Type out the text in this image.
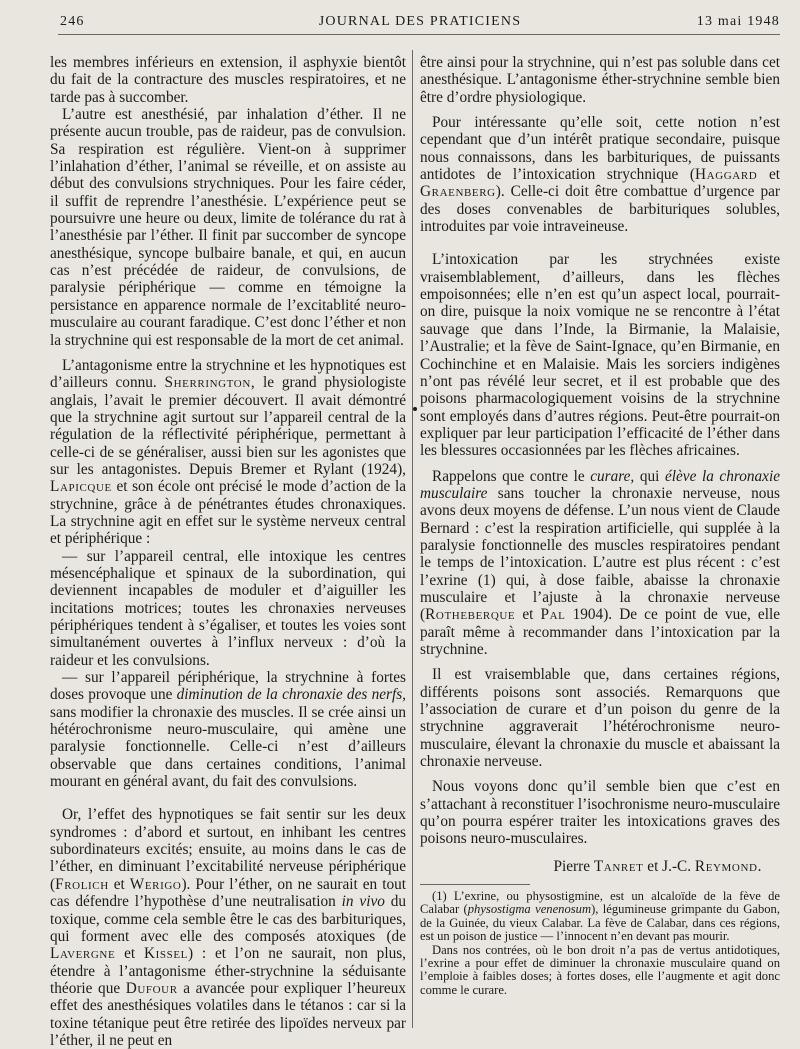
246	JOURNAL DES PRATICIENS	13 mai 1948

les membres inférieurs en extension, il asphyxie bientôt du fait de la contracture des muscles respiratoires, et ne tarde pas à succomber.

L’autre est anesthésié, par inhalation d’éther. Il ne présente aucun trouble, pas de raideur, pas de convulsion. Sa respiration est régulière. Vient-on à supprimer l’inlahation d’éther, l’animal se réveille, et on assiste au début des convulsions strychniques. Pour les faire céder, il suffit de reprendre l’anesthésie. L’expérience peut se poursuivre une heure ou deux, limite de tolérance du rat à l’anesthésie par l’éther. Il finit par succomber de syncope anesthésique, syncope bulbaire banale, et qui, en aucun cas n’est précédée de raideur, de convulsions, de paralysie périphérique — comme en témoigne la persistance en apparence normale de l’excitablité neuro-musculaire au courant faradique. C’est donc l’éther et non la strychnine qui est responsable de la mort de cet animal.

L’antagonisme entre la strychnine et les hypnotiques est d’ailleurs connu. Sherrington, le grand physiologiste anglais, l’avait le premier découvert. Il avait démontré que la strychnine agit surtout sur l’appareil central de la régulation de la réflectivité périphérique, permettant à celle-ci de se généraliser, aussi bien sur les agonistes que sur les antagonistes. Depuis Bremer et Rylant (1924), Lapicque et son école ont précisé le mode d’action de la strychnine, grâce à de pénétrantes études chronaxiques. La strychnine agit en effet sur le système nerveux central et périphérique :

— sur l’appareil central, elle intoxique les centres mésencéphalique et spinaux de la subordination, qui deviennent incapables de moduler et d’aiguiller les incitations motrices; toutes les chronaxies nerveuses périphériques tendent à s’égaliser, et toutes les voies sont simultanément ouvertes à l’influx nerveux : d’où la raideur et les convulsions.

— sur l’appareil périphérique, la strychnine à fortes doses provoque une diminution de la chronaxie des nerfs, sans modifier la chronaxie des muscles. Il se crée ainsi un hétérochronisme neuro-musculaire, qui amène une paralysie fonctionnelle. Celle-ci n’est d’ailleurs observable que dans certaines conditions, l’animal mourant en général avant, du fait des convulsions.

Or, l’effet des hypnotiques se fait sentir sur les deux syndromes : d’abord et surtout, en inhibant les centres subordinateurs excités; ensuite, au moins dans le cas de l’éther, en diminuant l’excitabilité nerveuse périphérique (Frolich et Werigo). Pour l’éther, on ne saurait en tout cas défendre l’hypothèse d’une neutralisation in vivo du toxique, comme cela semble être le cas des barbituriques, qui forment avec elle des composés atoxiques (de Lavergne et Kissel) : et l’on ne saurait, non plus, étendre à l’antagonisme éther-strychnine la séduisante théorie que Dufour a avancée pour expliquer l’heureux effet des anesthésiques volatiles dans le tétanos : car si la toxine tétanique peut être retirée des lipoïdes nerveux par l’éther, il ne peut en

être ainsi pour la strychnine, qui n’est pas soluble dans cet anesthésique. L’antagonisme éther-strychnine semble bien être d’ordre physiologique.

Pour intéressante qu’elle soit, cette notion n’est cependant que d’un intérêt pratique secondaire, puisque nous connaissons, dans les barbituriques, de puissants antidotes de l’intoxication strychnique (Haggard et Graenberg). Celle-ci doit être combattue d’urgence par des doses convenables de barbituriques solubles, introduites par voie intraveineuse.

L’intoxication par les strychnées existe vraisemblablement, d’ailleurs, dans les flèches empoisonnées; elle n’en est qu’un aspect local, pourrait-on dire, puisque la noix vomique ne se rencontre à l’état sauvage que dans l’Inde, la Birmanie, la Malaisie, l’Australie; et la fève de Saint-Ignace, qu’en Birmanie, en Cochinchine et en Malaisie. Mais les sorciers indigènes n’ont pas révélé leur secret, et il est probable que des poisons pharmacologiquement voisins de la strychnine sont employés dans d’autres régions. Peut-être pourrait-on expliquer par leur participation l’efficacité de l’éther dans les blessures occasionnées par les flèches africaines.

Rappelons que contre le curare, qui élève la chronaxie musculaire sans toucher la chronaxie nerveuse, nous avons deux moyens de défense. L’un nous vient de Claude Bernard : c’est la respiration artificielle, qui supplée à la paralysie fonctionnelle des muscles respiratoires pendant le temps de l’intoxication. L’autre est plus récent : c’est l’exrine (1) qui, à dose faible, abaisse la chronaxie musculaire et l’ajuste à la chronaxie nerveuse (Rotheberque et Pal 1904). De ce point de vue, elle paraît même à recommander dans l’intoxication par la strychnine.

Il est vraisemblable que, dans certaines régions, différents poisons sont associés. Remarquons que l’association de curare et d’un poison du genre de la strychnine aggraverait l’hétérochronisme neuro-musculaire, élevant la chronaxie du muscle et abaissant la chronaxie nerveuse.

Nous voyons donc qu’il semble bien que c’est en s’attachant à reconstituer l’isochronisme neuro-musculaire qu’on pourra espérer traiter les intoxications graves des poisons neuro-musculaires.

Pierre Tanret et J.-C. Reymond.

(1) L’exrine, ou physostigmine, est un alcaloïde de la fève de Calabar (physostigma venenosum), légumineuse grimpante du Gabon, de la Guinée, du vieux Calabar. La fève de Calabar, dans ces régions, est un poison de justice — l’innocent n’en devant pas mourir.

Dans nos contrées, où le bon droit n’a pas de vertus antidotiques, l’exrine a pour effet de diminuer la chronaxie musculaire quand on l’emploie à faibles doses; à fortes doses, elle l’augmente et agit donc comme le curare.
